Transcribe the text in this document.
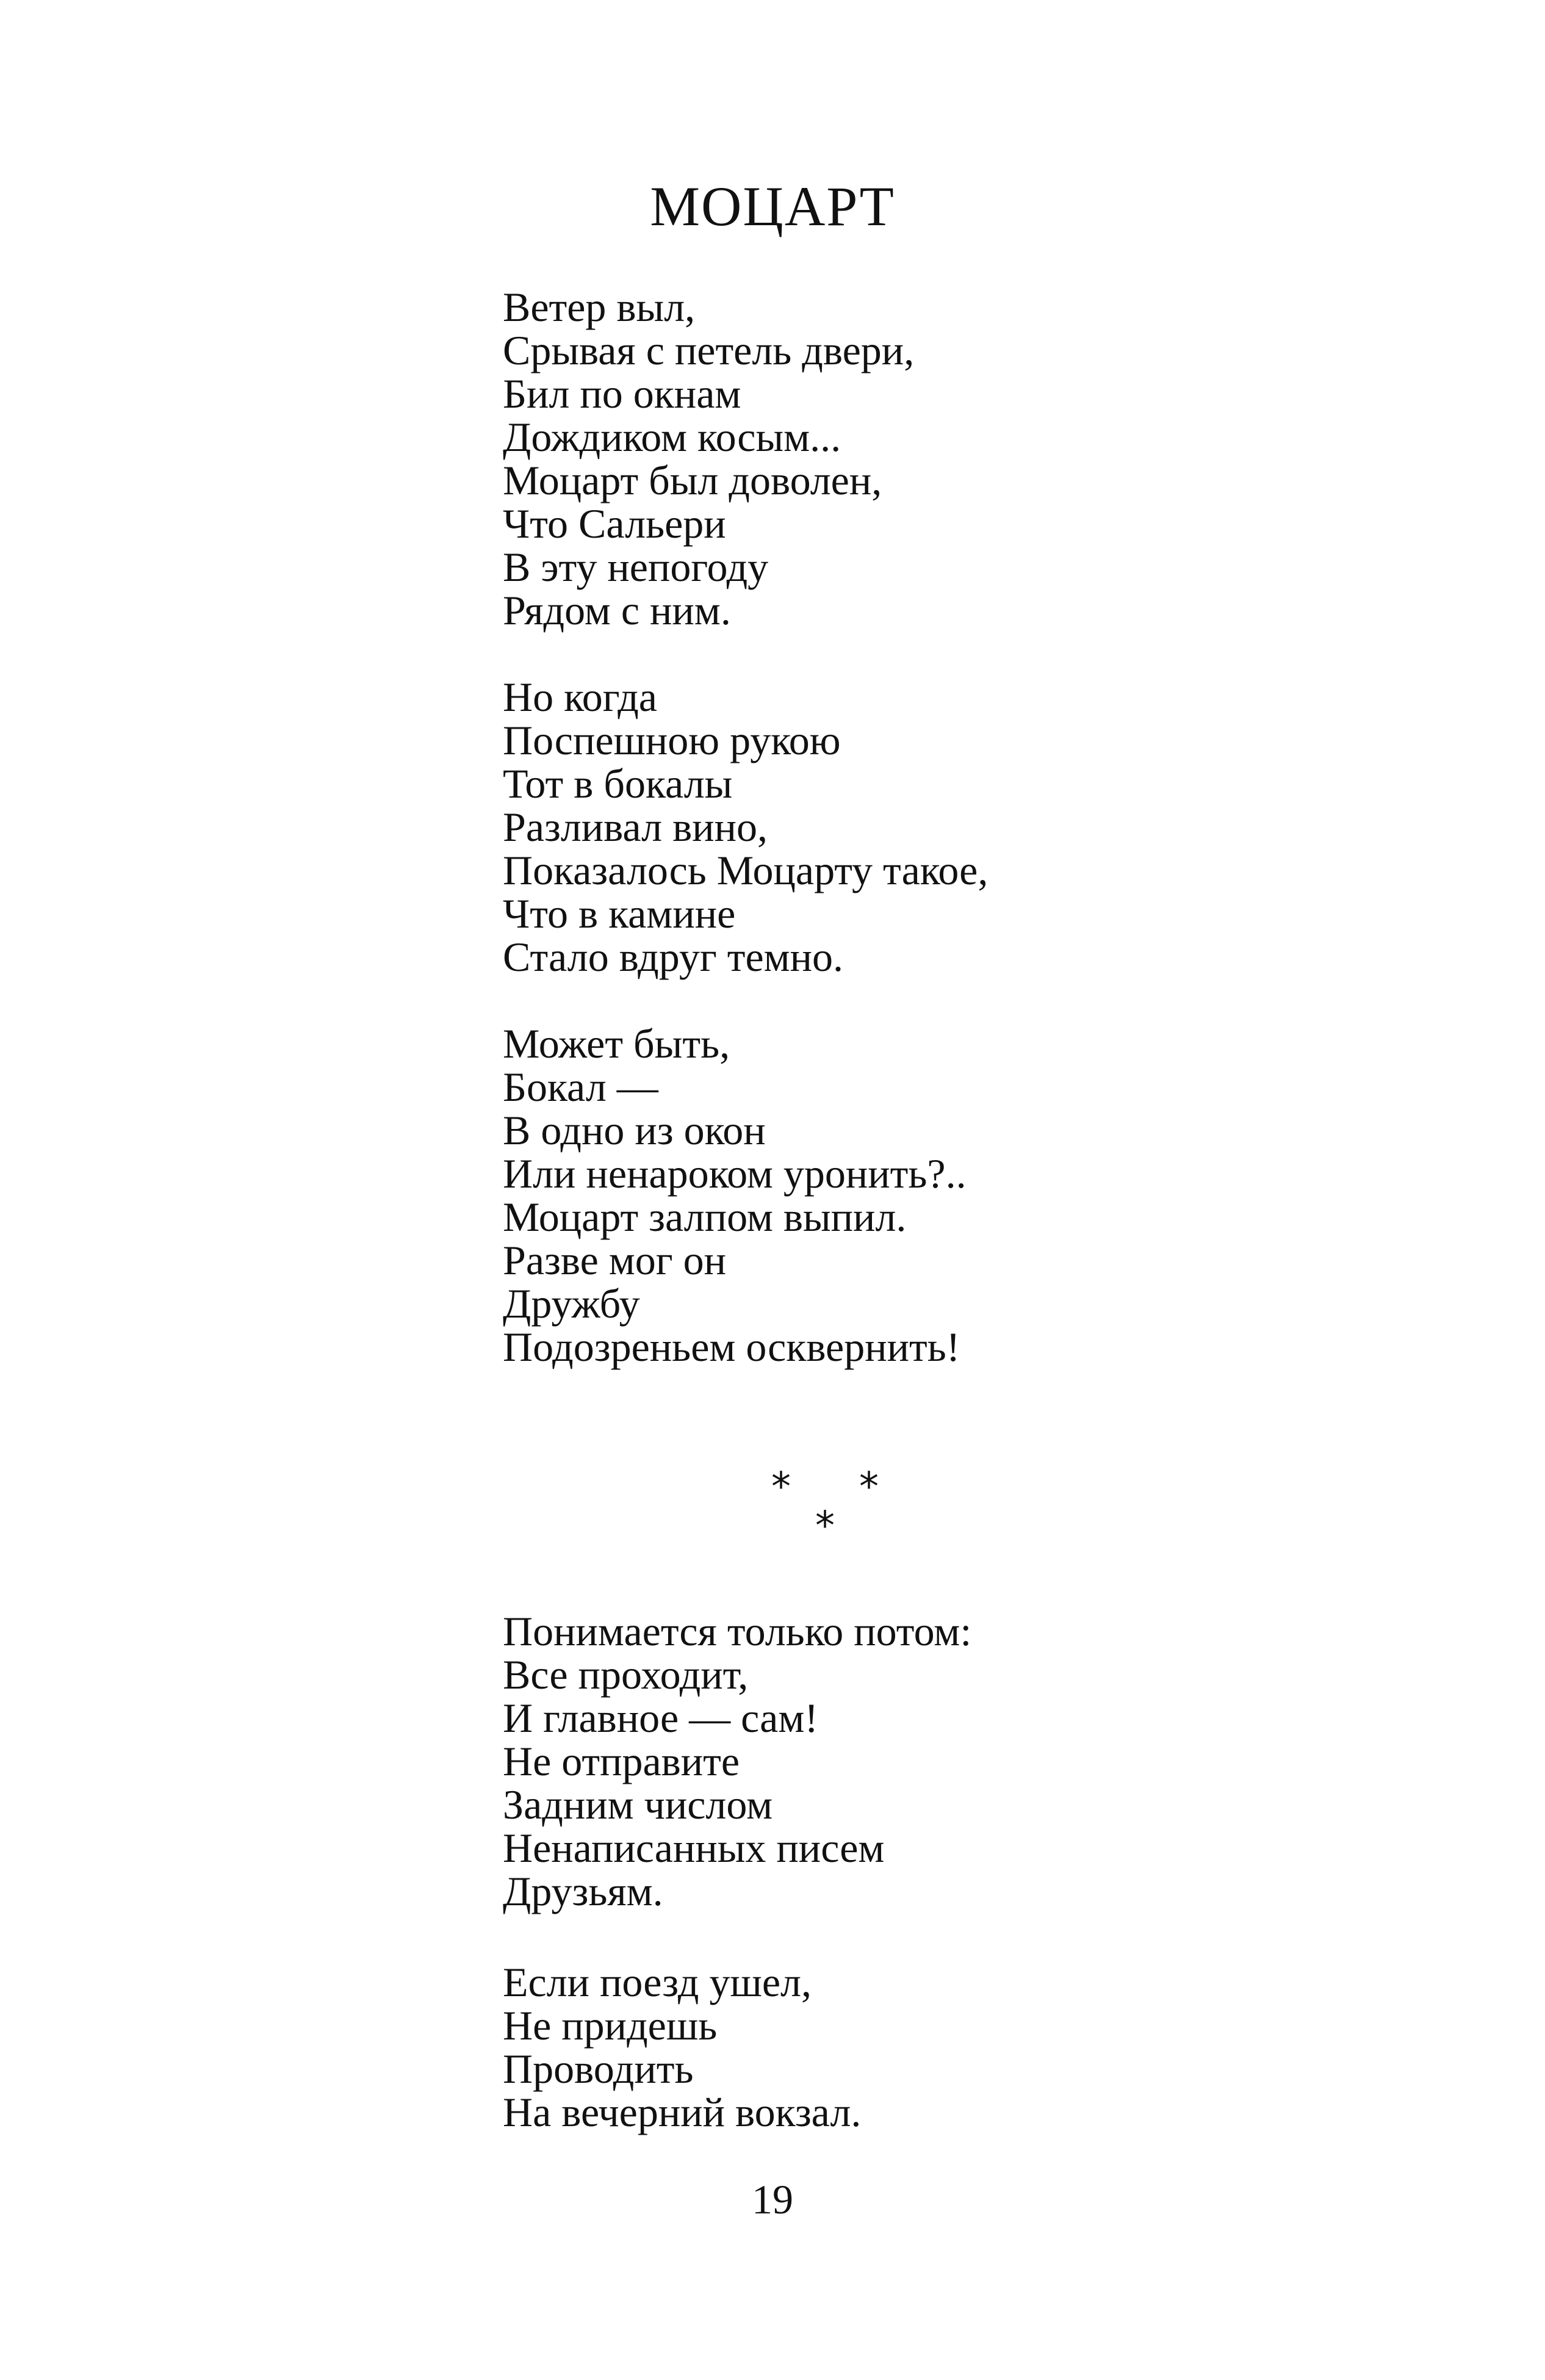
МОЦАРТ

Ветер выл,
Срывая с петель двери,
Бил по окнам
Дождиком косым...
Моцарт был доволен,
Что Сальери
В эту непогоду
Рядом с ним.

Но когда
Поспешною рукою
Тот в бокалы
Разливал вино,
Показалось Моцарту такое,
Что в камине
Стало вдруг темно.

Может быть,
Бокал —
В одно из окон
Или ненароком уронить?..
Моцарт залпом выпил.
Разве мог он
Дружбу
Подозреньем осквернить!

* *
*

Понимается только потом:
Все проходит,
И главное — сам!
Не отправите
Задним числом
Ненаписанных писем
Друзьям.

Если поезд ушел,
Не придешь
Проводить
На вечерний вокзал.

19
